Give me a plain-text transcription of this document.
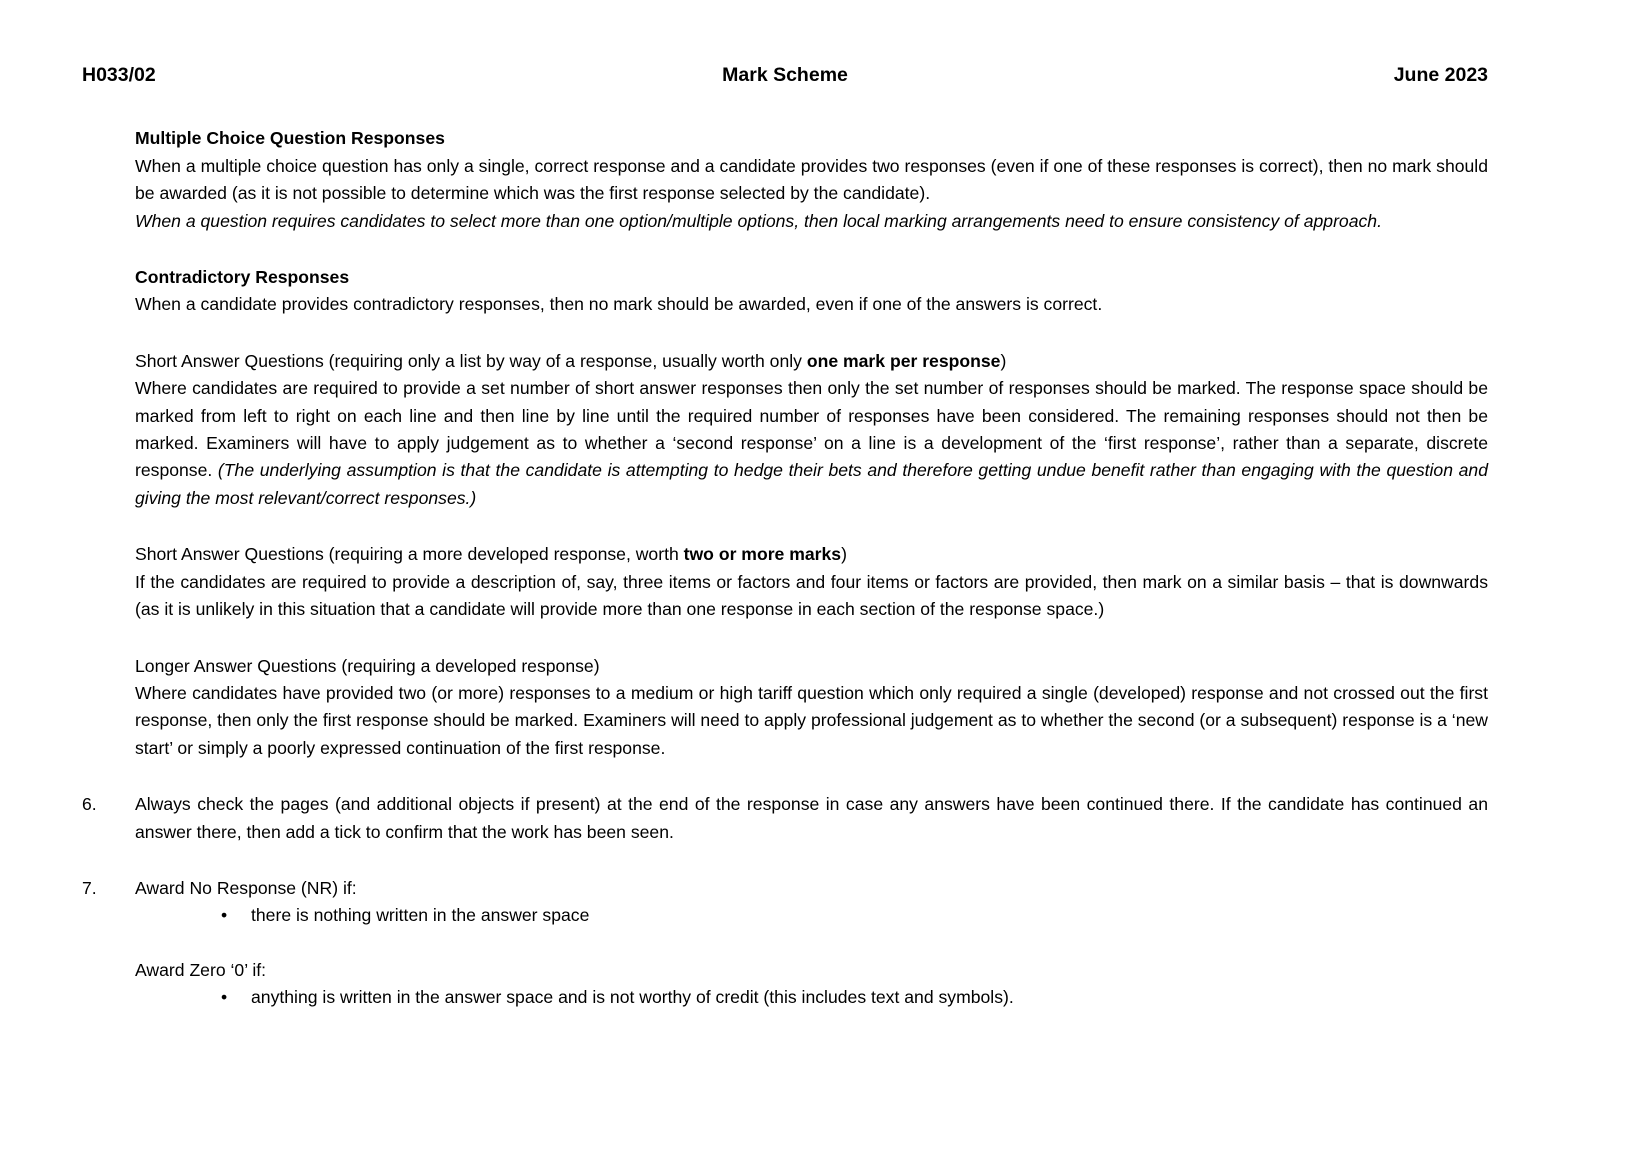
H033/02	Mark Scheme	June 2023
Multiple Choice Question Responses

When a multiple choice question has only a single, correct response and a candidate provides two responses (even if one of these responses is correct), then no mark should be awarded (as it is not possible to determine which was the first response selected by the candidate).

When a question requires candidates to select more than one option/multiple options, then local marking arrangements need to ensure consistency of approach.

Contradictory Responses

When a candidate provides contradictory responses, then no mark should be awarded, even if one of the answers is correct.

Short Answer Questions (requiring only a list by way of a response, usually worth only one mark per response)

Where candidates are required to provide a set number of short answer responses then only the set number of responses should be marked. The response space should be marked from left to right on each line and then line by line until the required number of responses have been considered. The remaining responses should not then be marked. Examiners will have to apply judgement as to whether a ‘second response’ on a line is a development of the ‘first response’, rather than a separate, discrete response. (The underlying assumption is that the candidate is attempting to hedge their bets and therefore getting undue benefit rather than engaging with the question and giving the most relevant/correct responses.)

Short Answer Questions (requiring a more developed response, worth two or more marks)

If the candidates are required to provide a description of, say, three items or factors and four items or factors are provided, then mark on a similar basis – that is downwards (as it is unlikely in this situation that a candidate will provide more than one response in each section of the response space.)

Longer Answer Questions (requiring a developed response)

Where candidates have provided two (or more) responses to a medium or high tariff question which only required a single (developed) response and not crossed out the first response, then only the first response should be marked. Examiners will need to apply professional judgement as to whether the second (or a subsequent) response is a ‘new start’ or simply a poorly expressed continuation of the first response.

6.	Always check the pages (and additional objects if present) at the end of the response in case any answers have been continued there. If the candidate has continued an answer there, then add a tick to confirm that the work has been seen.

7.	Award No Response (NR) if:
•	there is nothing written in the answer space
Award Zero ‘0’ if:
•	anything is written in the answer space and is not worthy of credit (this includes text and symbols).
